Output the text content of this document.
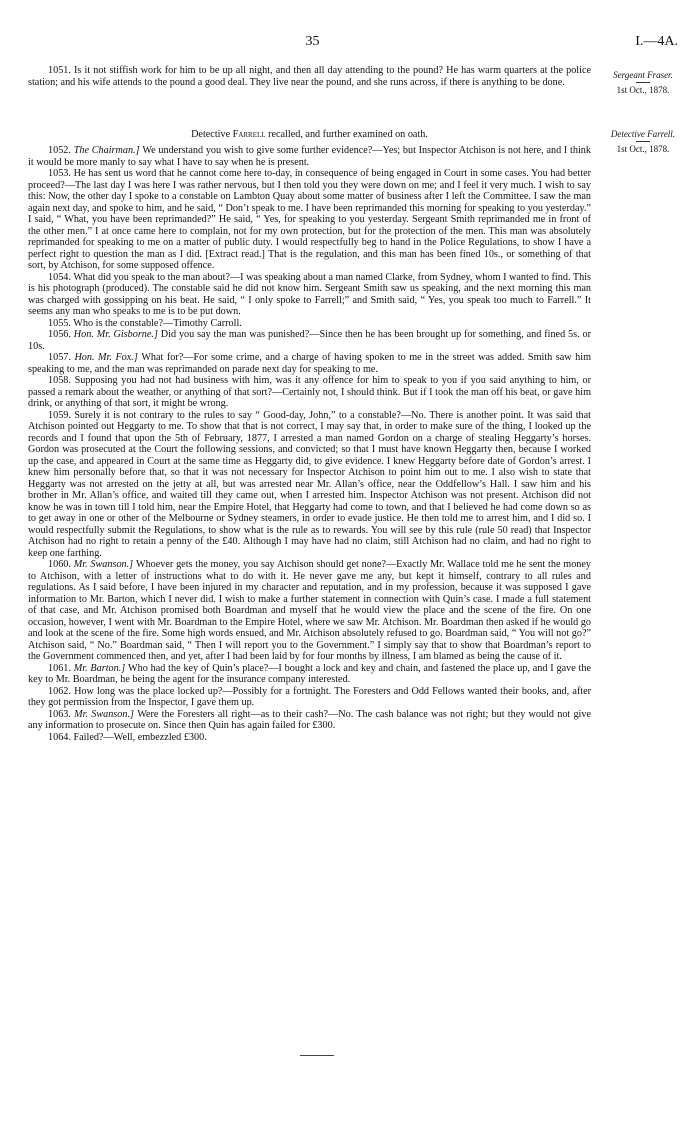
35	I.—4A.
Sergeant Fraser.
1st Oct., 1878.
Detective Farrell.
1st Oct., 1878.

1051. Is it not stiffish work for him to be up all night, and then all day attending to the pound? He has warm quarters at the police station; and his wife attends to the pound a good deal. They live near the pound, and she runs across, if there is anything to be done.

Detective Farrell recalled, and further examined on oath.

1052. The Chairman.] We understand you wish to give some further evidence?—Yes; but Inspector Atchison is not here, and I think it would be more manly to say what I have to say when he is present.

1053. He has sent us word that he cannot come here to-day, in consequence of being engaged in Court in some cases. You had better proceed?—The last day I was here I was rather nervous, but I then told you they were down on me; and I feel it very much. I wish to say this: Now, the other day I spoke to a constable on Lambton Quay about some matter of business after I left the Committee. I saw the man again next day, and spoke to him, and he said, “ Don’t speak to me. I have been reprimanded this morning for speaking to you yesterday.” I said, “ What, you have been reprimanded?” He said, “ Yes, for speaking to you yesterday. Sergeant Smith reprimanded me in front of the other men.” I at once came here to complain, not for my own protection, but for the protection of the men. This man was absolutely reprimanded for speaking to me on a matter of public duty. I would respectfully beg to hand in the Police Regulations, to show I have a perfect right to question the man as I did. [Extract read.] That is the regulation, and this man has been fined 10s., or something of that sort, by Atchison, for some supposed offence.

1054. What did you speak to the man about?—I was speaking about a man named Clarke, from Sydney, whom I wanted to find. This is his photograph (produced). The constable said he did not know him. Sergeant Smith saw us speaking, and the next morning this man was charged with gossipping on his beat. He said, “ I only spoke to Farrell;” and Smith said, “ Yes, you speak too much to Farrell.” It seems any man who speaks to me is to be put down.

1055. Who is the constable?—Timothy Carroll.

1056. Hon. Mr. Gisborne.] Did you say the man was punished?—Since then he has been brought up for something, and fined 5s. or 10s.

1057. Hon. Mr. Fox.] What for?—For some crime, and a charge of having spoken to me in the street was added. Smith saw him speaking to me, and the man was reprimanded on parade next day for speaking to me.

1058. Supposing you had not had business with him, was it any offence for him to speak to you if you said anything to him, or passed a remark about the weather, or anything of that sort?—Certainly not, I should think. But if I took the man off his beat, or gave him drink, or anything of that sort, it might be wrong.

1059. Surely it is not contrary to the rules to say “ Good-day, John,” to a constable?—No. There is another point. It was said that Atchison pointed out Heggarty to me. To show that that is not correct, I may say that, in order to make sure of the thing, I looked up the records and I found that upon the 5th of February, 1877, I arrested a man named Gordon on a charge of stealing Heggarty’s horses. Gordon was prosecuted at the Court the following sessions, and convicted; so that I must have known Heggarty then, because I worked up the case, and appeared in Court at the same time as Heggarty did, to give evidence. I knew Heggarty before date of Gordon’s arrest. I knew him personally before that, so that it was not necessary for Inspector Atchison to point him out to me. I also wish to state that Heggarty was not arrested on the jetty at all, but was arrested near Mr. Allan’s office, near the Oddfellow’s Hall. I saw him and his brother in Mr. Allan’s office, and waited till they came out, when I arrested him. Inspector Atchison was not present. Atchison did not know he was in town till I told him, near the Empire Hotel, that Heggarty had come to town, and that I believed he had come down so as to get away in one or other of the Melbourne or Sydney steamers, in order to evade justice. He then told me to arrest him, and I did so. I would respectfully submit the Regulations, to show what is the rule as to rewards. You will see by this rule (rule 50 read) that Inspector Atchison had no right to retain a penny of the £40. Although I may have had no claim, still Atchison had no claim, and had no right to keep one farthing.

1060. Mr. Swanson.] Whoever gets the money, you say Atchison should get none?—Exactly Mr. Wallace told me he sent the money to Atchison, with a letter of instructions what to do with it. He never gave me any, but kept it himself, contrary to all rules and regulations. As I said before, I have been injured in my character and reputation, and in my profession, because it was supposed I gave information to Mr. Barton, which I never did. I wish to make a further statement in connection with Quin’s case. I made a full statement of that case, and Mr. Atchison promised both Boardman and myself that he would view the place and the scene of the fire. On one occasion, however, I went with Mr. Boardman to the Empire Hotel, where we saw Mr. Atchison. Mr. Boardman then asked if he would go and look at the scene of the fire. Some high words ensued, and Mr. Atchison absolutely refused to go. Boardman said, “ You will not go?” Atchison said, “ No.” Boardman said, “ Then I will report you to the Government.” I simply say that to show that Boardman’s report to the Government commenced then, and yet, after I had been laid by for four months by illness, I am blamed as being the cause of it.

1061. Mr. Barton.] Who had the key of Quin’s place?—I bought a lock and key and chain, and fastened the place up, and I gave the key to Mr. Boardman, he being the agent for the insurance company interested.

1062. How long was the place locked up?—Possibly for a fortnight. The Foresters and Odd Fellows wanted their books, and, after they got permission from the Inspector, I gave them up.

1063. Mr. Swanson.] Were the Foresters all right—as to their cash?—No. The cash balance was not right; but they would not give any information to prosecute on. Since then Quin has again failed for £300.

1064. Failed?—Well, embezzled £300.
